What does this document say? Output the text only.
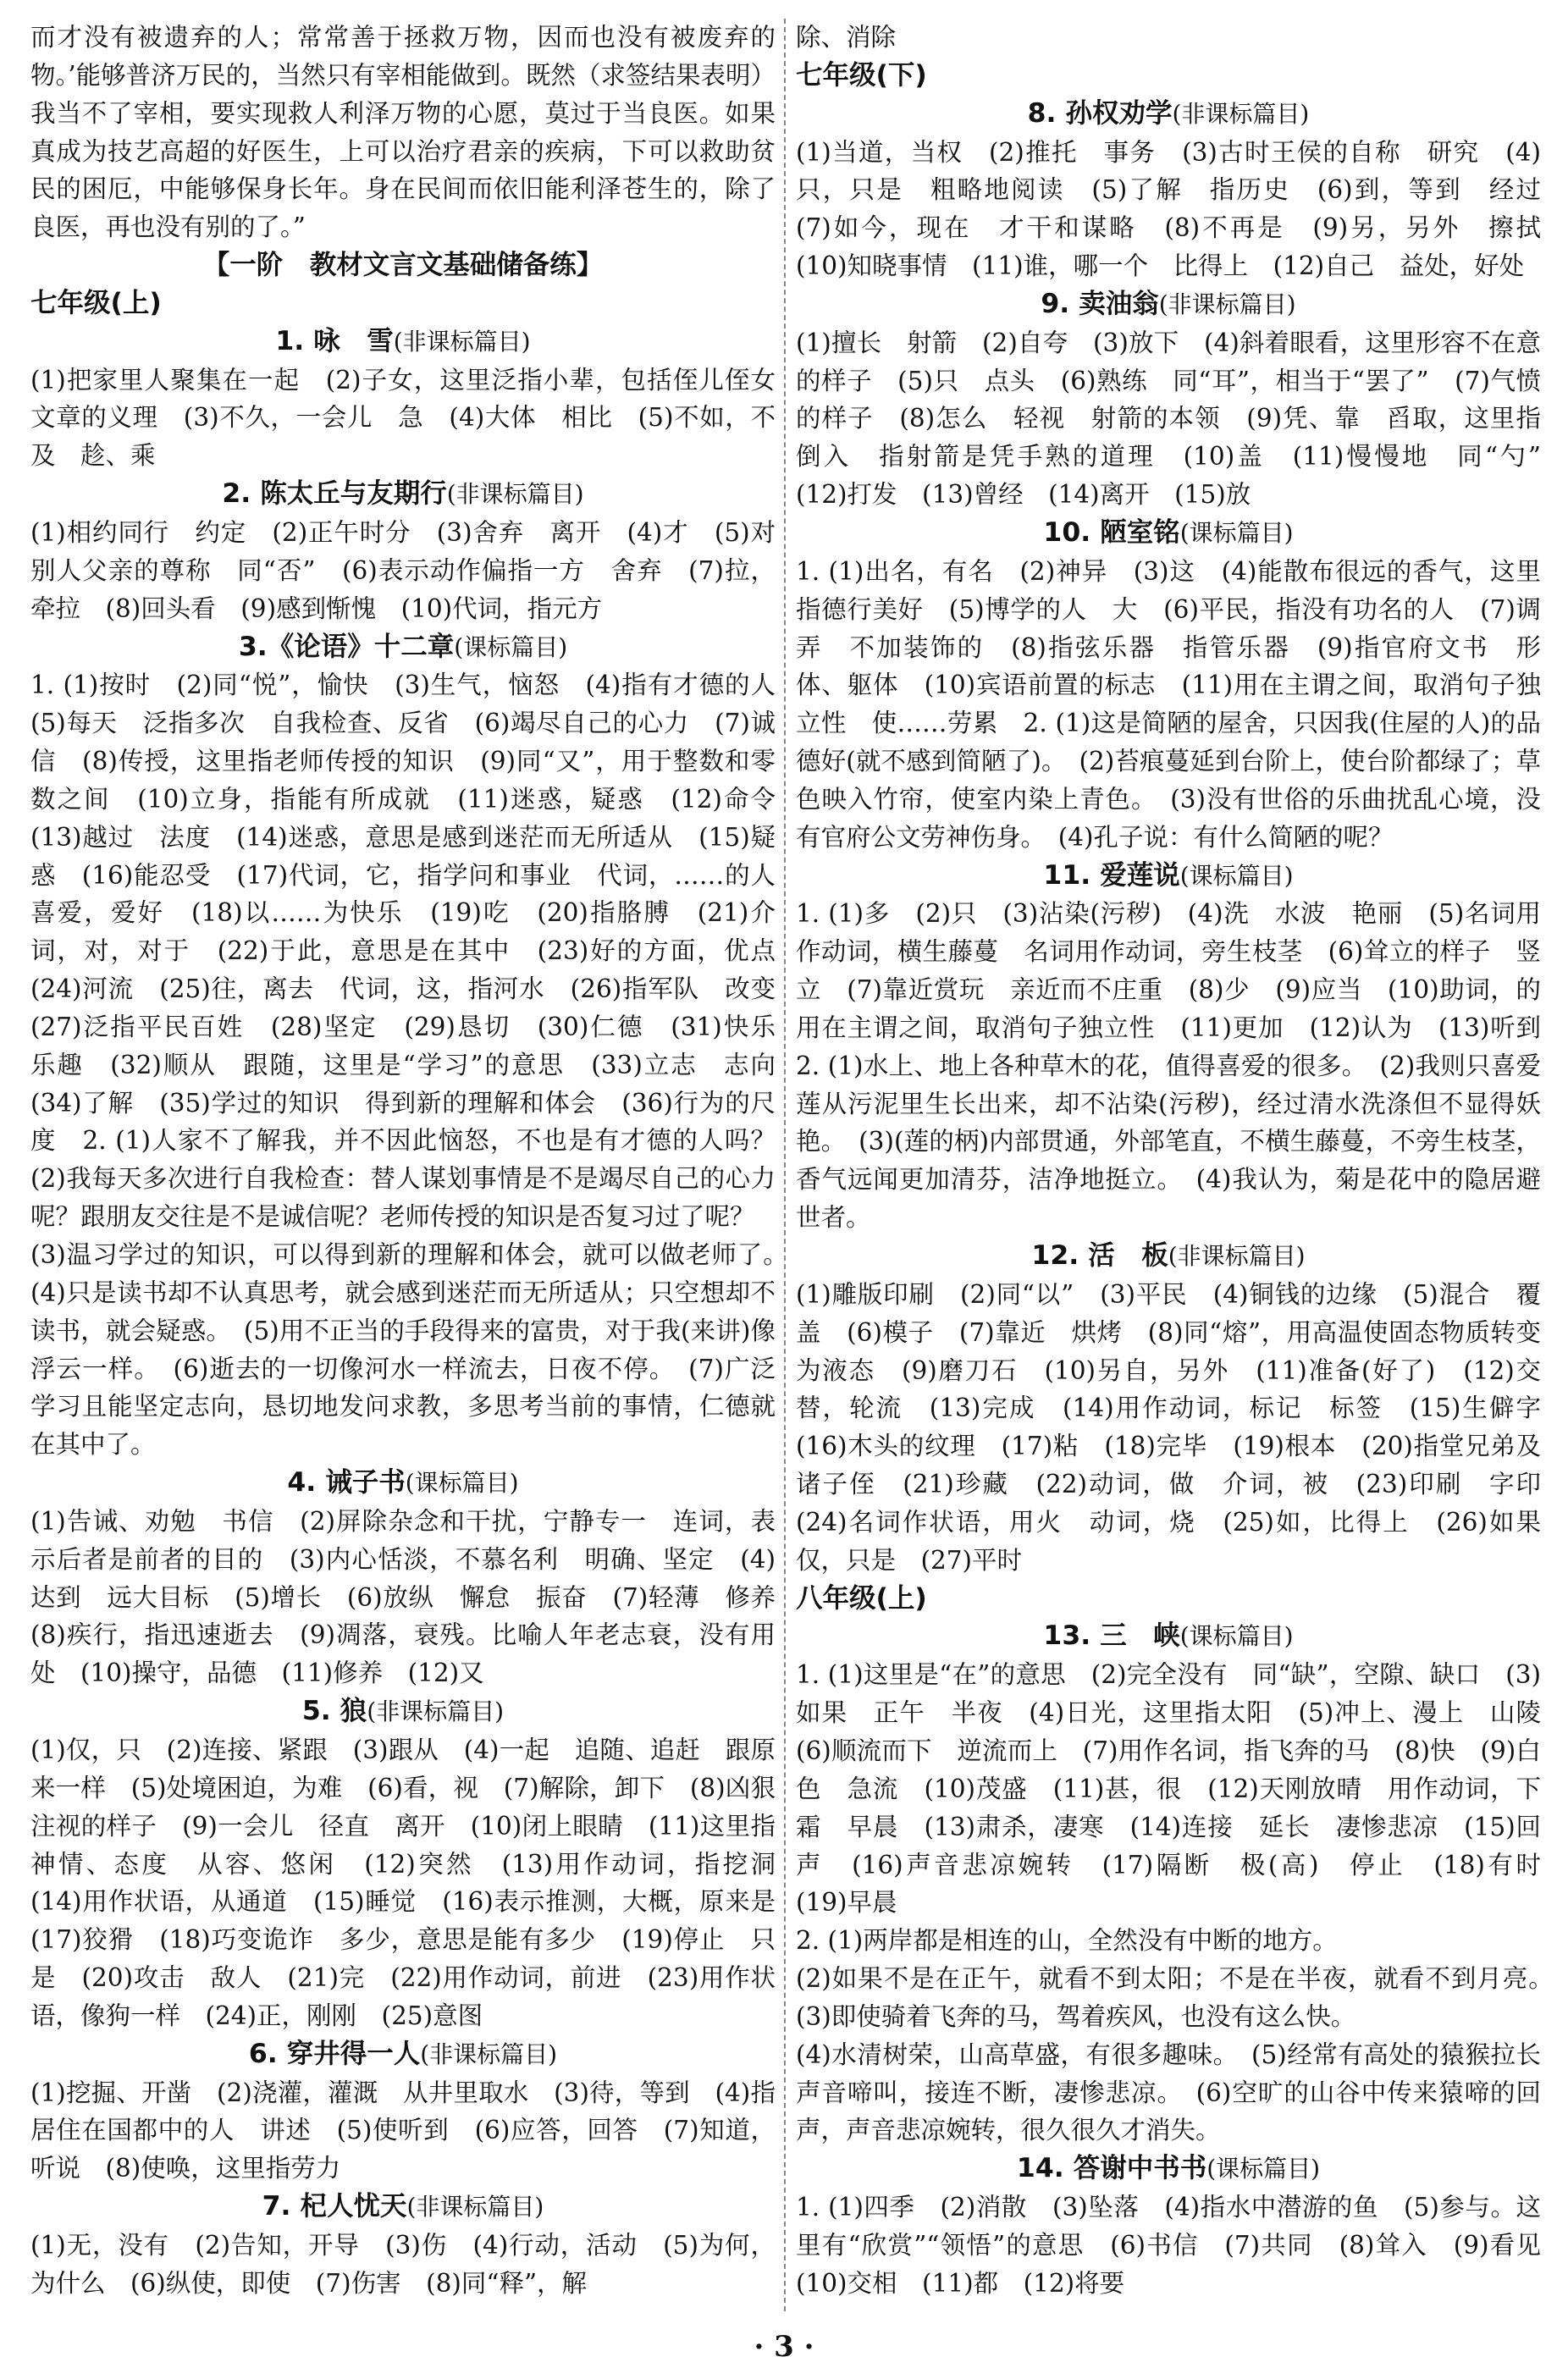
而才没有被遗弃的人；常常善于拯救万物，因而也没有被废弃的物。’能够普济万民的，当然只有宰相能做到。既然（求签结果表明）我当不了宰相，要实现救人利泽万物的心愿，莫过于当良医。如果真成为技艺高超的好医生，上可以治疗君亲的疾病，下可以救助贫民的困厄，中能够保身长年。身在民间而依旧能利泽苍生的，除了良医，再也没有别的了。”

【一阶　教材文言文基础储备练】

七年级(上)

1. 咏　雪(非课标篇目)

(1)把家里人聚集在一起　(2)子女，这里泛指小辈，包括侄儿侄女　文章的义理　(3)不久，一会儿　急　(4)大体　相比　(5)不如，不及　趁、乘

2. 陈太丘与友期行(非课标篇目)

(1)相约同行　约定　(2)正午时分　(3)舍弃　离开　(4)才　(5)对别人父亲的尊称　同“否”　(6)表示动作偏指一方　舍弃　(7)拉，牵拉　(8)回头看　(9)感到惭愧　(10)代词，指元方

3.《论语》十二章(课标篇目)

1. (1)按时　(2)同“悦”，愉快　(3)生气，恼怒　(4)指有才德的人　(5)每天　泛指多次　自我检查、反省　(6)竭尽自己的心力　(7)诚信　(8)传授，这里指老师传授的知识　(9)同“又”，用于整数和零数之间　(10)立身，指能有所成就　(11)迷惑，疑惑　(12)命令　(13)越过　法度　(14)迷惑，意思是感到迷茫而无所适从　(15)疑惑　(16)能忍受　(17)代词，它，指学问和事业　代词，……的人　喜爱，爱好　(18)以……为快乐　(19)吃　(20)指胳膊　(21)介词，对，对于　(22)于此，意思是在其中　(23)好的方面，优点　(24)河流　(25)往，离去　代词，这，指河水　(26)指军队　改变　(27)泛指平民百姓　(28)坚定　(29)恳切　(30)仁德　(31)快乐　乐趣　(32)顺从　跟随，这里是“学习”的意思　(33)立志　志向　(34)了解　(35)学过的知识　得到新的理解和体会　(36)行为的尺度　2. (1)人家不了解我，并不因此恼怒，不也是有才德的人吗？　(2)我每天多次进行自我检查：替人谋划事情是不是竭尽自己的心力呢？跟朋友交往是不是诚信呢？老师传授的知识是否复习过了呢？

(3)温习学过的知识，可以得到新的理解和体会，就可以做老师了。　(4)只是读书却不认真思考，就会感到迷茫而无所适从；只空想却不读书，就会疑惑。　(5)用不正当的手段得来的富贵，对于我(来讲)像浮云一样。　(6)逝去的一切像河水一样流去，日夜不停。　(7)广泛学习且能坚定志向，恳切地发问求教，多思考当前的事情，仁德就在其中了。

4. 诫子书(课标篇目)

(1)告诫、劝勉　书信　(2)屏除杂念和干扰，宁静专一　连词，表示后者是前者的目的　(3)内心恬淡，不慕名利　明确、坚定　(4)达到　远大目标　(5)增长　(6)放纵　懈怠　振奋　(7)轻薄　修养　(8)疾行，指迅速逝去　(9)凋落，衰残。比喻人年老志衰，没有用处　(10)操守，品德　(11)修养　(12)又

5. 狼(非课标篇目)

(1)仅，只　(2)连接、紧跟　(3)跟从　(4)一起　追随、追赶　跟原来一样　(5)处境困迫，为难　(6)看，视　(7)解除，卸下　(8)凶狠注视的样子　(9)一会儿　径直　离开　(10)闭上眼睛　(11)这里指神情、态度　从容、悠闲　(12)突然　(13)用作动词，指挖洞　(14)用作状语，从通道　(15)睡觉　(16)表示推测，大概，原来是　(17)狡猾　(18)巧变诡诈　多少，意思是能有多少　(19)停止　只是　(20)攻击　敌人　(21)完　(22)用作动词，前进　(23)用作状语，像狗一样　(24)正，刚刚　(25)意图

6. 穿井得一人(非课标篇目)

(1)挖掘、开凿　(2)浇灌，灌溉　从井里取水　(3)待，等到　(4)指居住在国都中的人　讲述　(5)使听到　(6)应答，回答　(7)知道，听说　(8)使唤，这里指劳力

7. 杞人忧天(非课标篇目)

(1)无，没有　(2)告知，开导　(3)伤　(4)行动，活动　(5)为何，为什么　(6)纵使，即使　(7)伤害　(8)同“释”，解

除、消除

七年级(下)

8. 孙权劝学(非课标篇目)

(1)当道，当权　(2)推托　事务　(3)古时王侯的自称　研究　(4)只，只是　粗略地阅读　(5)了解　指历史　(6)到，等到　经过　(7)如今，现在　才干和谋略　(8)不再是　(9)另，另外　擦拭　(10)知晓事情　(11)谁，哪一个　比得上　(12)自己　益处，好处

9. 卖油翁(非课标篇目)

(1)擅长　射箭　(2)自夸　(3)放下　(4)斜着眼看，这里形容不在意的样子　(5)只　点头　(6)熟练　同“耳”，相当于“罢了”　(7)气愤的样子　(8)怎么　轻视　射箭的本领　(9)凭、靠　舀取，这里指倒入　指射箭是凭手熟的道理　(10)盖　(11)慢慢地　同“勺”　(12)打发　(13)曾经　(14)离开　(15)放

10. 陋室铭(课标篇目)

1. (1)出名，有名　(2)神异　(3)这　(4)能散布很远的香气，这里指德行美好　(5)博学的人　大　(6)平民，指没有功名的人　(7)调弄　不加装饰的　(8)指弦乐器　指管乐器　(9)指官府文书　形体、躯体　(10)宾语前置的标志　(11)用在主谓之间，取消句子独立性　使……劳累　2. (1)这是简陋的屋舍，只因我(住屋的人)的品德好(就不感到简陋了)。　(2)苔痕蔓延到台阶上，使台阶都绿了；草色映入竹帘，使室内染上青色。　(3)没有世俗的乐曲扰乱心境，没有官府公文劳神伤身。　(4)孔子说：有什么简陋的呢？

11. 爱莲说(课标篇目)

1. (1)多　(2)只　(3)沾染(污秽)　(4)洗　水波　艳丽　(5)名词用作动词，横生藤蔓　名词用作动词，旁生枝茎　(6)耸立的样子　竖立　(7)靠近赏玩　亲近而不庄重　(8)少　(9)应当　(10)助词，的　用在主谓之间，取消句子独立性　(11)更加　(12)认为　(13)听到　2. (1)水上、地上各种草木的花，值得喜爱的很多。　(2)我则只喜爱莲从污泥里生长出来，却不沾染(污秽)，经过清水洗涤但不显得妖艳。　(3)(莲的柄)内部贯通，外部笔直，不横生藤蔓，不旁生枝茎，香气远闻更加清芬，洁净地挺立。　(4)我认为，菊是花中的隐居避世者。

12. 活　板(非课标篇目)

(1)雕版印刷　(2)同“以”　(3)平民　(4)铜钱的边缘　(5)混合　覆盖　(6)模子　(7)靠近　烘烤　(8)同“熔”，用高温使固态物质转变为液态　(9)磨刀石　(10)另自，另外　(11)准备(好了)　(12)交替，轮流　(13)完成　(14)用作动词，标记　标签　(15)生僻字　(16)木头的纹理　(17)粘　(18)完毕　(19)根本　(20)指堂兄弟及诸子侄　(21)珍藏　(22)动词，做　介词，被　(23)印刷　字印　(24)名词作状语，用火　动词，烧　(25)如，比得上　(26)如果　仅，只是　(27)平时

八年级(上)

13. 三　峡(课标篇目)

1. (1)这里是“在”的意思　(2)完全没有　同“缺”，空隙、缺口　(3)如果　正午　半夜　(4)日光，这里指太阳　(5)冲上、漫上　山陵　(6)顺流而下　逆流而上　(7)用作名词，指飞奔的马　(8)快　(9)白色　急流　(10)茂盛　(11)甚，很　(12)天刚放晴　用作动词，下霜　早晨　(13)肃杀，凄寒　(14)连接　延长　凄惨悲凉　(15)回声　(16)声音悲凉婉转　(17)隔断　极(高)　停止　(18)有时　(19)早晨

2. (1)两岸都是相连的山，全然没有中断的地方。

(2)如果不是在正午，就看不到太阳；不是在半夜，就看不到月亮。　(3)即使骑着飞奔的马，驾着疾风，也没有这么快。

(4)水清树荣，山高草盛，有很多趣味。　(5)经常有高处的猿猴拉长声音啼叫，接连不断，凄惨悲凉。　(6)空旷的山谷中传来猿啼的回声，声音悲凉婉转，很久很久才消失。

14. 答谢中书书(课标篇目)

1. (1)四季　(2)消散　(3)坠落　(4)指水中潜游的鱼　(5)参与。这里有“欣赏”“领悟”的意思　(6)书信　(7)共同　(8)耸入　(9)看见　(10)交相　(11)都　(12)将要

· 3 ·
